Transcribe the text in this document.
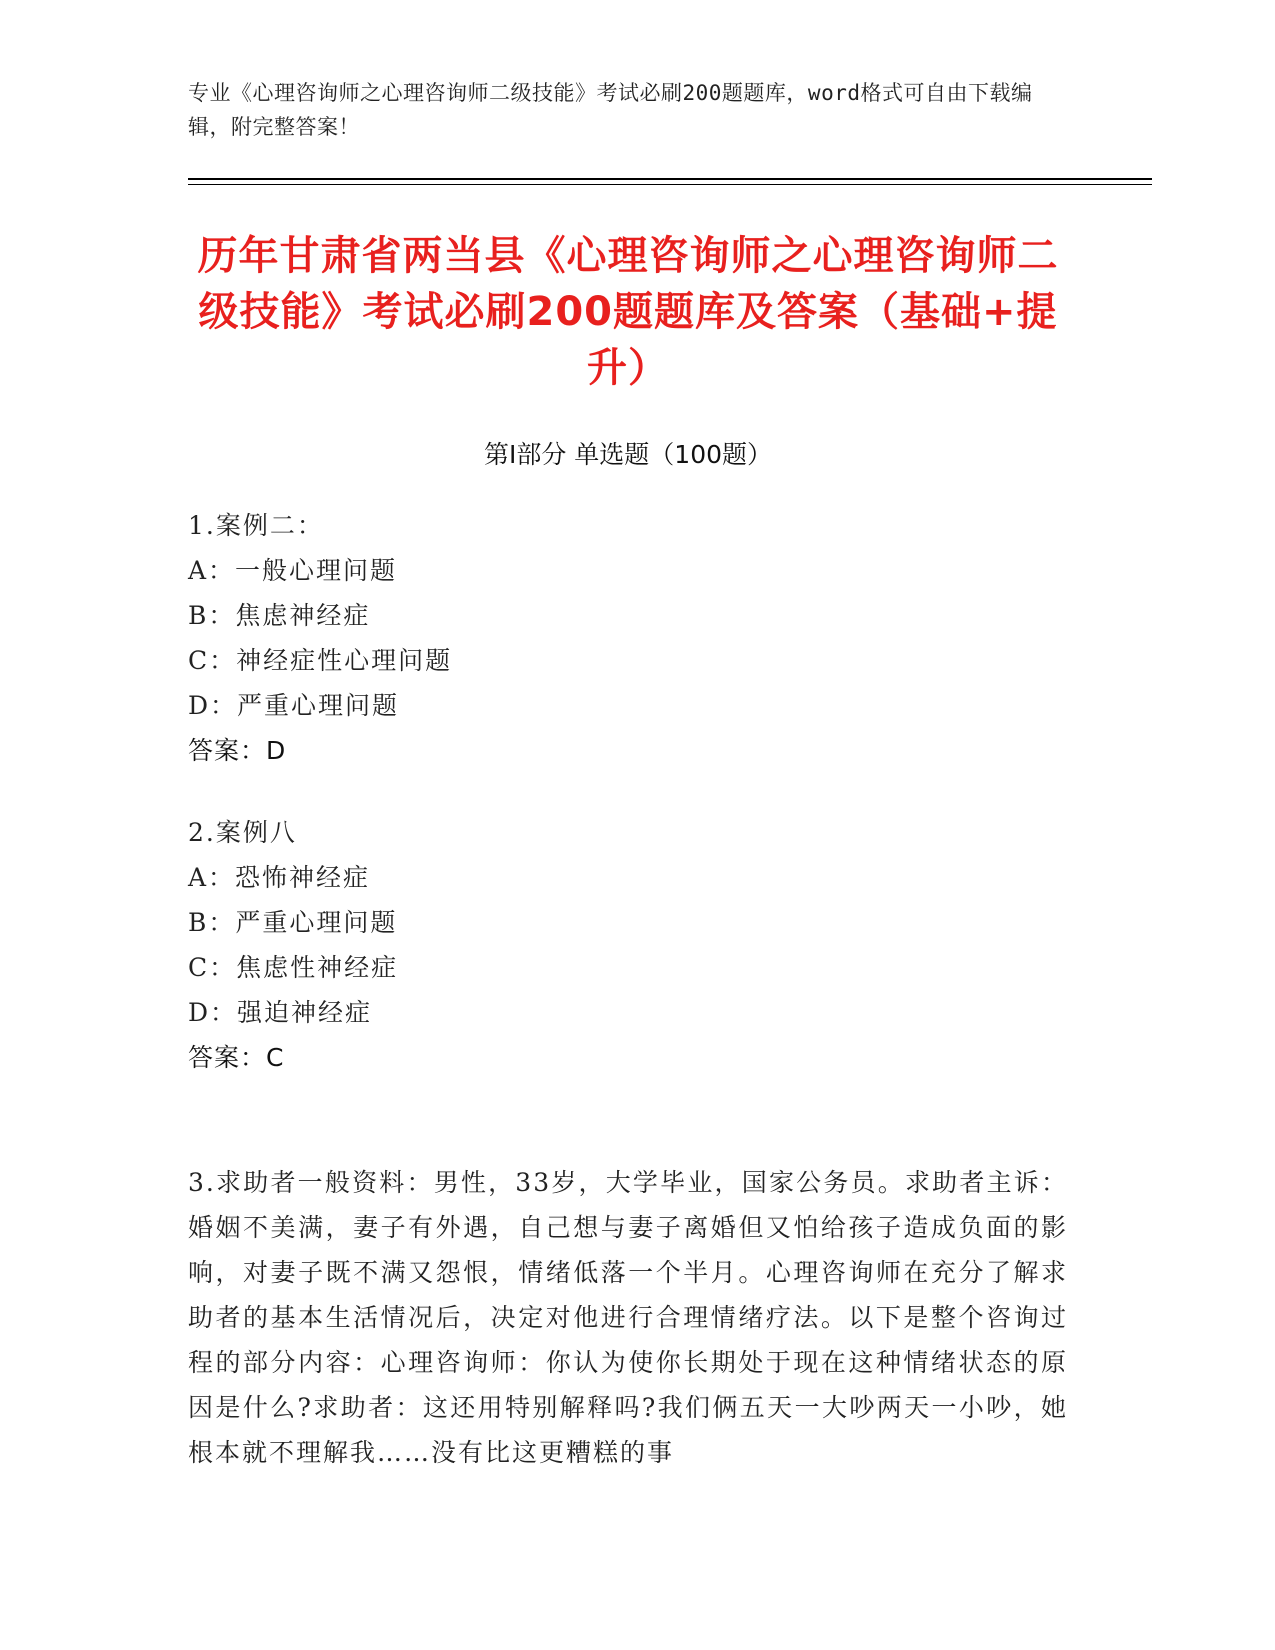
专业《心理咨询师之心理咨询师二级技能》考试必刷200题题库，word格式可自由下载编辑，附完整答案！
历年甘肃省两当县《心理咨询师之心理咨询师二级技能》考试必刷200题题库及答案（基础+提升）
第Ⅰ部分 单选题（100题）
1.案例二：
A：一般心理问题
B：焦虑神经症
C：神经症性心理问题
D：严重心理问题
答案：D
2.案例八
A：恐怖神经症
B：严重心理问题
C：焦虑性神经症
D：强迫神经症
答案：C
3.求助者一般资料：男性，33岁，大学毕业，国家公务员。求助者主诉：婚姻不美满，妻子有外遇，自己想与妻子离婚但又怕给孩子造成负面的影响，对妻子既不满又怨恨，情绪低落一个半月。心理咨询师在充分了解求助者的基本生活情况后，决定对他进行合理情绪疗法。以下是整个咨询过程的部分内容：心理咨询师：你认为使你长期处于现在这种情绪状态的原因是什么?求助者：这还用特别解释吗?我们俩五天一大吵两天一小吵，她根本就不理解我……没有比这更糟糕的事
